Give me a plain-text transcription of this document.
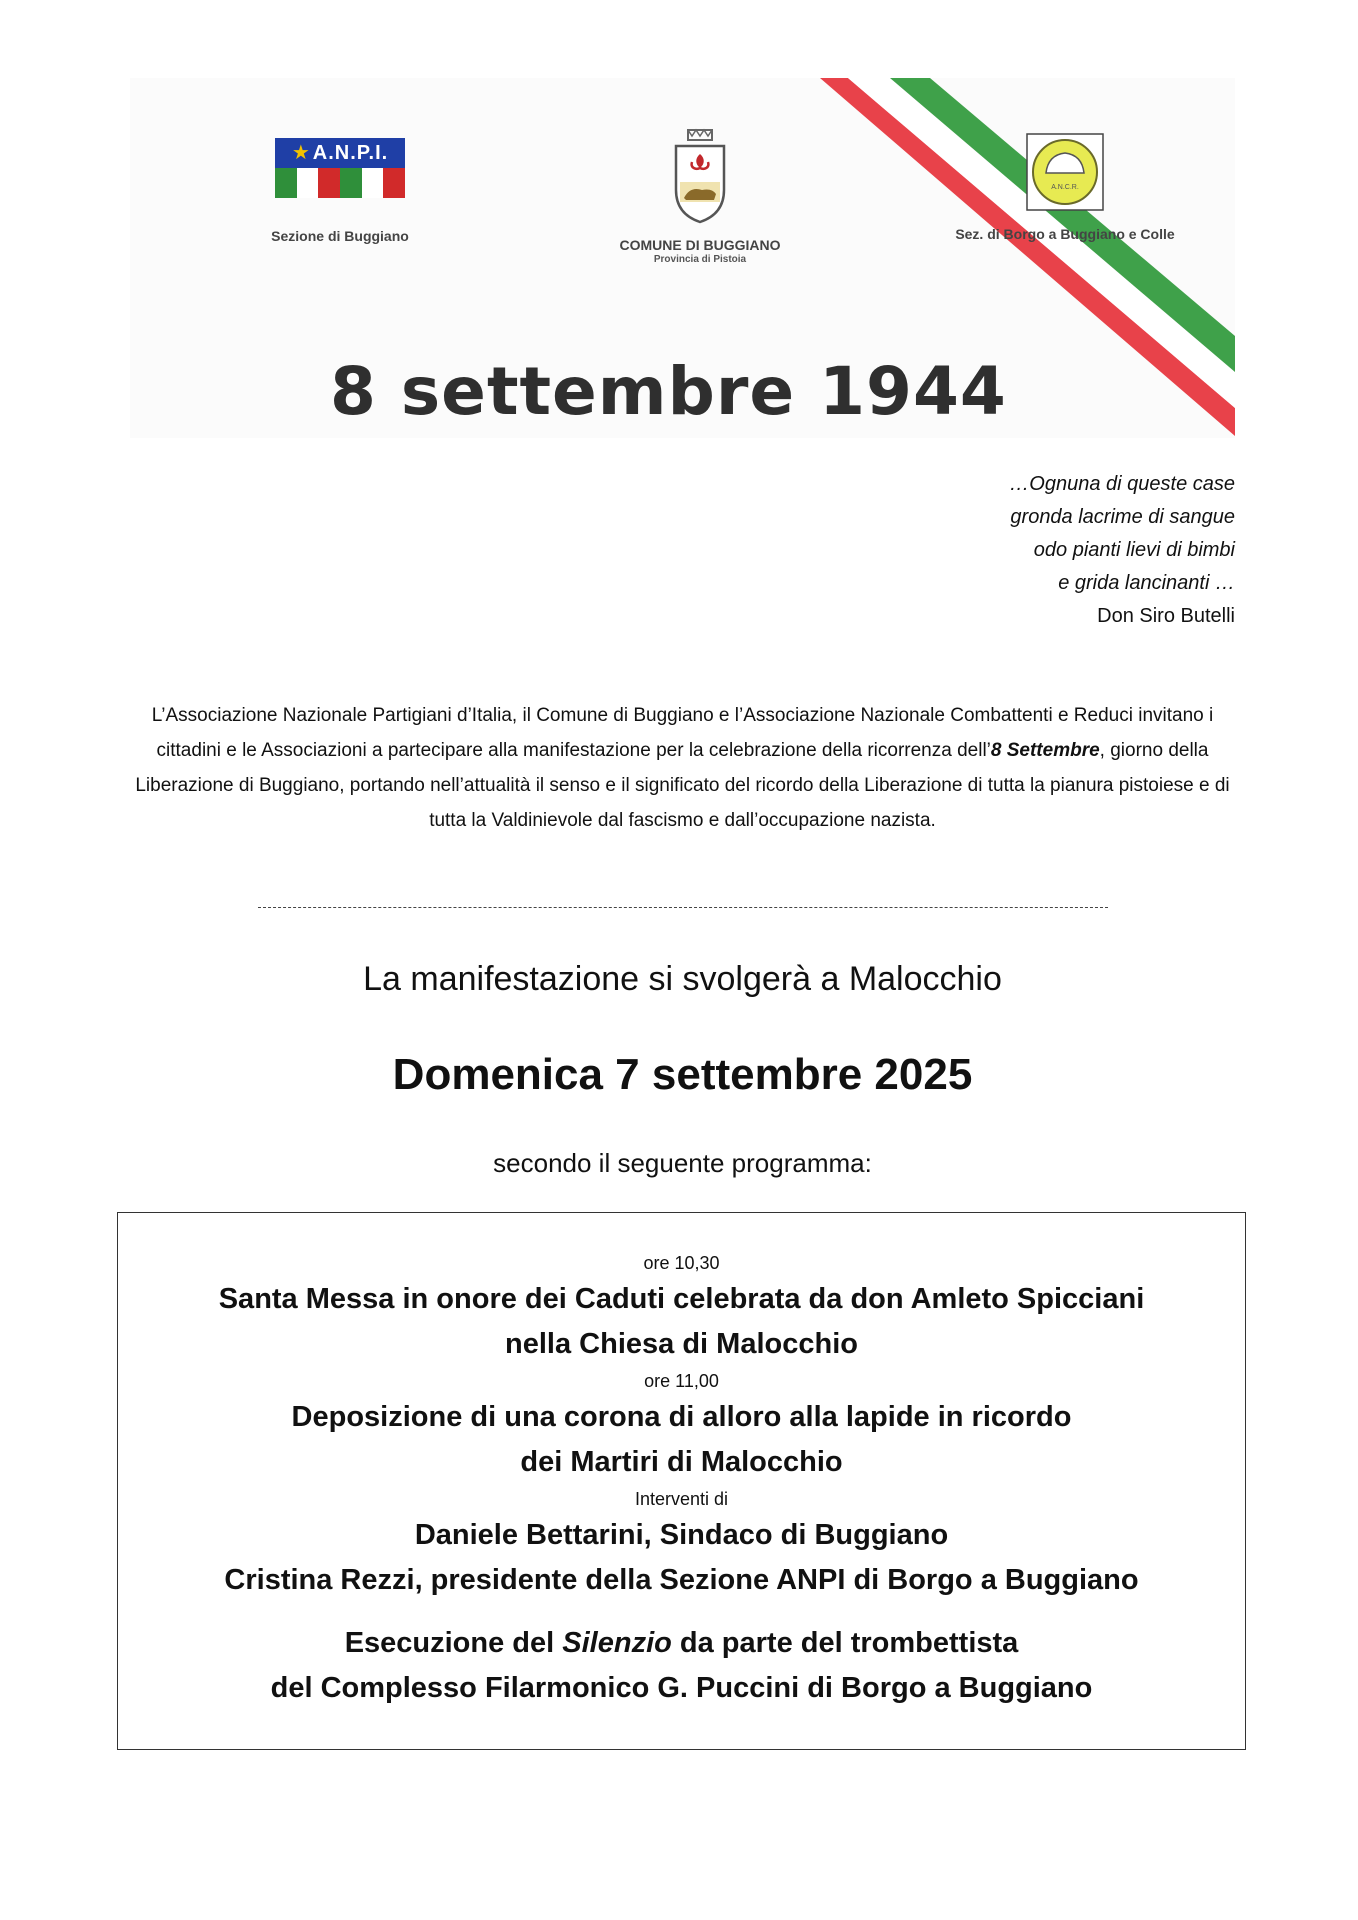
★ A.N.P.I.
Sezione di Buggiano
COMUNE DI BUGGIANO
Provincia di Pistoia
A.N.C.R.
Sez. di Borgo a Buggiano e Colle
8 settembre 1944
…Ognuna di queste case
gronda lacrime di sangue
odo pianti lievi di bimbi
e grida lancinanti …
Don Siro Butelli
L’Associazione Nazionale Partigiani d’Italia, il Comune di Buggiano e l’Associazione Nazionale Combattenti e Reduci invitano i cittadini e le Associazioni a partecipare alla manifestazione per la celebrazione della ricorrenza dell’8 Settembre, giorno della Liberazione di Buggiano, portando nell’attualità il senso e il significato del ricordo della Liberazione di tutta la pianura pistoiese e di tutta la Valdinievole dal fascismo e dall’occupazione nazista.
La manifestazione si svolgerà a Malocchio
Domenica 7 settembre 2025
secondo il seguente programma:
ore 10,30
Santa Messa in onore dei Caduti celebrata da don Amleto Spicciani
nella Chiesa di Malocchio
ore 11,00
Deposizione di una corona di alloro alla lapide in ricordo
dei Martiri di Malocchio
Interventi di
Daniele Bettarini, Sindaco di Buggiano
Cristina Rezzi, presidente della Sezione ANPI di Borgo a Buggiano
Esecuzione del Silenzio da parte del trombettista
del Complesso Filarmonico G. Puccini di Borgo a Buggiano
